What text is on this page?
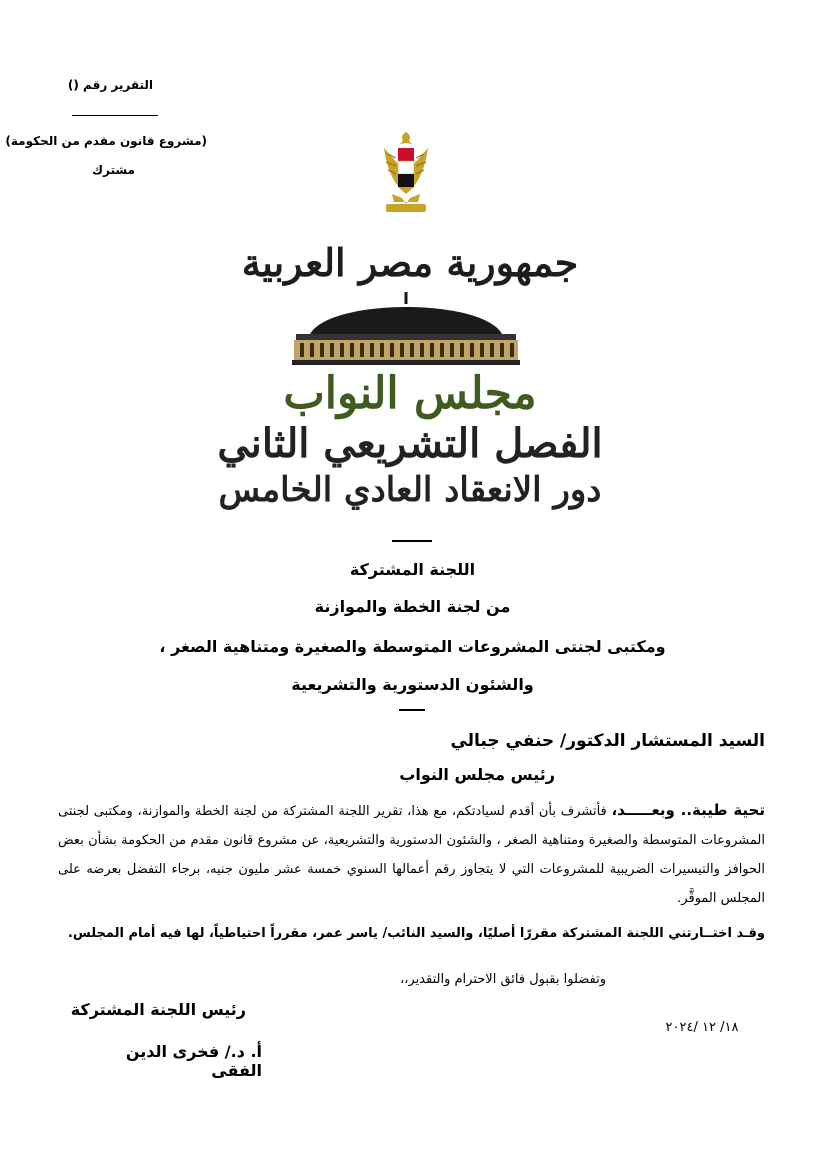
التقرير رقم ()
(مشروع قانون مقدم من الحكومة)
مشترك
جمهورية مصر العربية
مجلس النواب
الفصل التشريعي الثاني
دور الانعقاد العادي الخامس
اللجنة المشتركة
من لجنة الخطة والموازنة
ومكتبى لجنتى المشروعات المتوسطة والصغيرة ومتناهية الصغر ،
والشئون الدستورية والتشريعية
السيد المستشار الدكتور/ حنفي جبالي
رئيس مجلس النواب
تحية طيبة.. وبعـــــد، فأتشرف بأن أقدم لسيادتكم، مع هذا، تقرير اللجنة المشتركة من لجنة الخطة والموازنة، ومكتبى لجنتى المشروعات المتوسطة والصغيرة ومتناهية الصغر ، والشئون الدستورية والتشريعية، عن مشروع قانون مقدم من الحكومة بشأن بعض الحوافز والتيسيرات الضريبية للمشروعات التي لا يتجاوز رقم أعمالها السنوي خمسة عشر مليون جنيه، برجاء التفضل بعرضه على المجلس الموقَّر.
وقـد اختــارتني اللجنة المشتركة مقررًا أصليًا، والسيد النائب/ ياسر عمر، مقرراً احتياطياً، لها فيه أمام المجلس.
وتفضلوا بقبول فائق الاحترام والتقدير،،
رئيس اللجنة المشتركة
أ. د./ فخرى الدين الفقى
١٨/ ١٢ /٢٠٢٤
